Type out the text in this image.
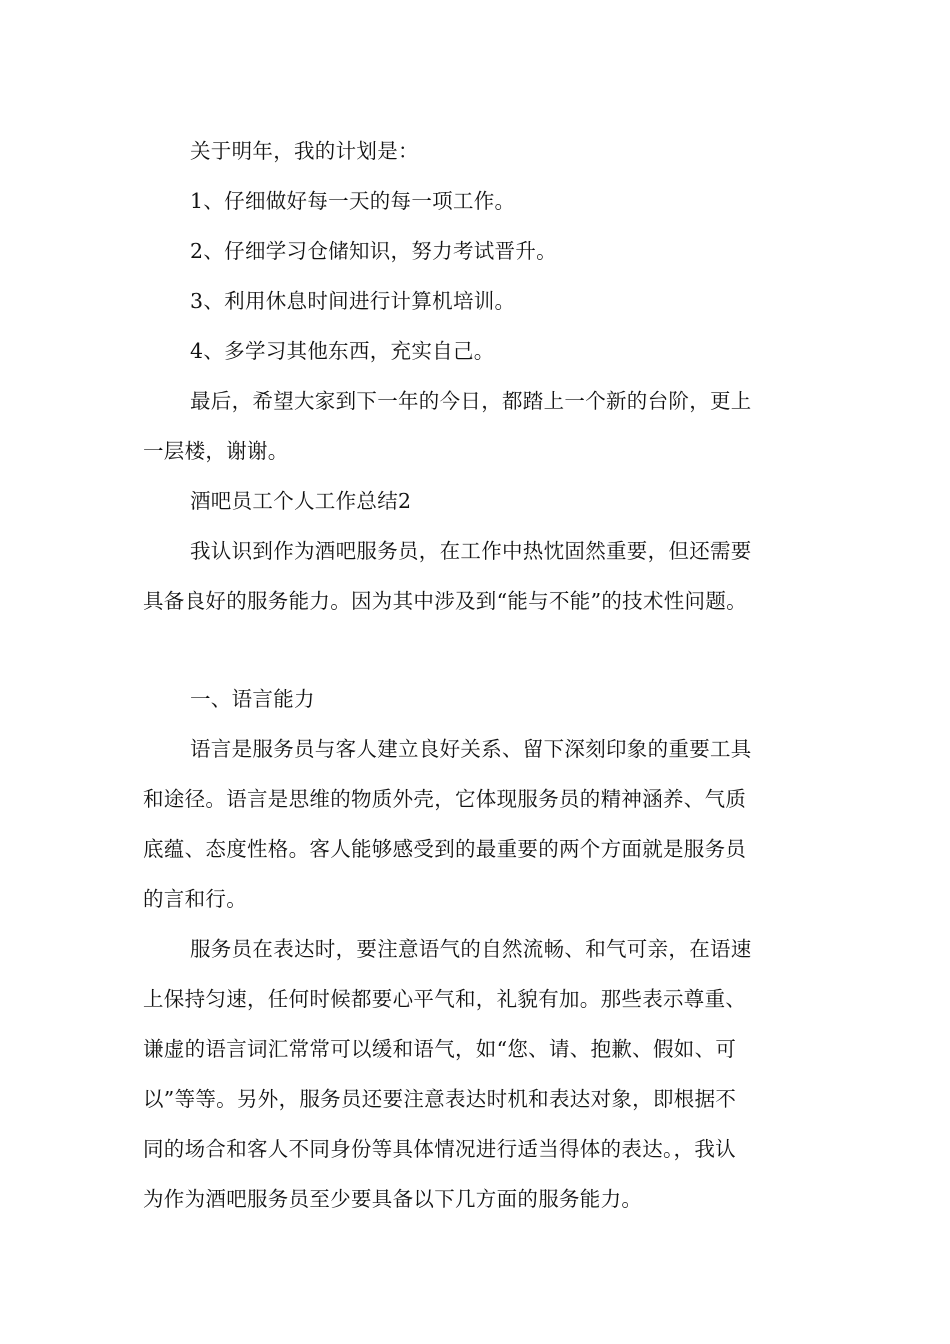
关于明年，我的计划是：
1、仔细做好每一天的每一项工作。
2、仔细学习仓储知识，努力考试晋升。
3、利用休息时间进行计算机培训。
4、多学习其他东西，充实自己。
最后，希望大家到下一年的今日，都踏上一个新的台阶，更上
一层楼，谢谢。
酒吧员工个人工作总结2
我认识到作为酒吧服务员，在工作中热忱固然重要，但还需要
具备良好的服务能力。因为其中涉及到“能与不能”的技术性问题。
一、语言能力
语言是服务员与客人建立良好关系、留下深刻印象的重要工具
和途径。语言是思维的物质外壳，它体现服务员的精神涵养、气质
底蕴、态度性格。客人能够感受到的最重要的两个方面就是服务员
的言和行。
服务员在表达时，要注意语气的自然流畅、和气可亲，在语速
上保持匀速，任何时候都要心平气和，礼貌有加。那些表示尊重、
谦虚的语言词汇常常可以缓和语气，如“您、请、抱歉、假如、可
以”等等。另外，服务员还要注意表达时机和表达对象，即根据不
同的场合和客人不同身份等具体情况进行适当得体的表达。，我认
为作为酒吧服务员至少要具备以下几方面的服务能力。
